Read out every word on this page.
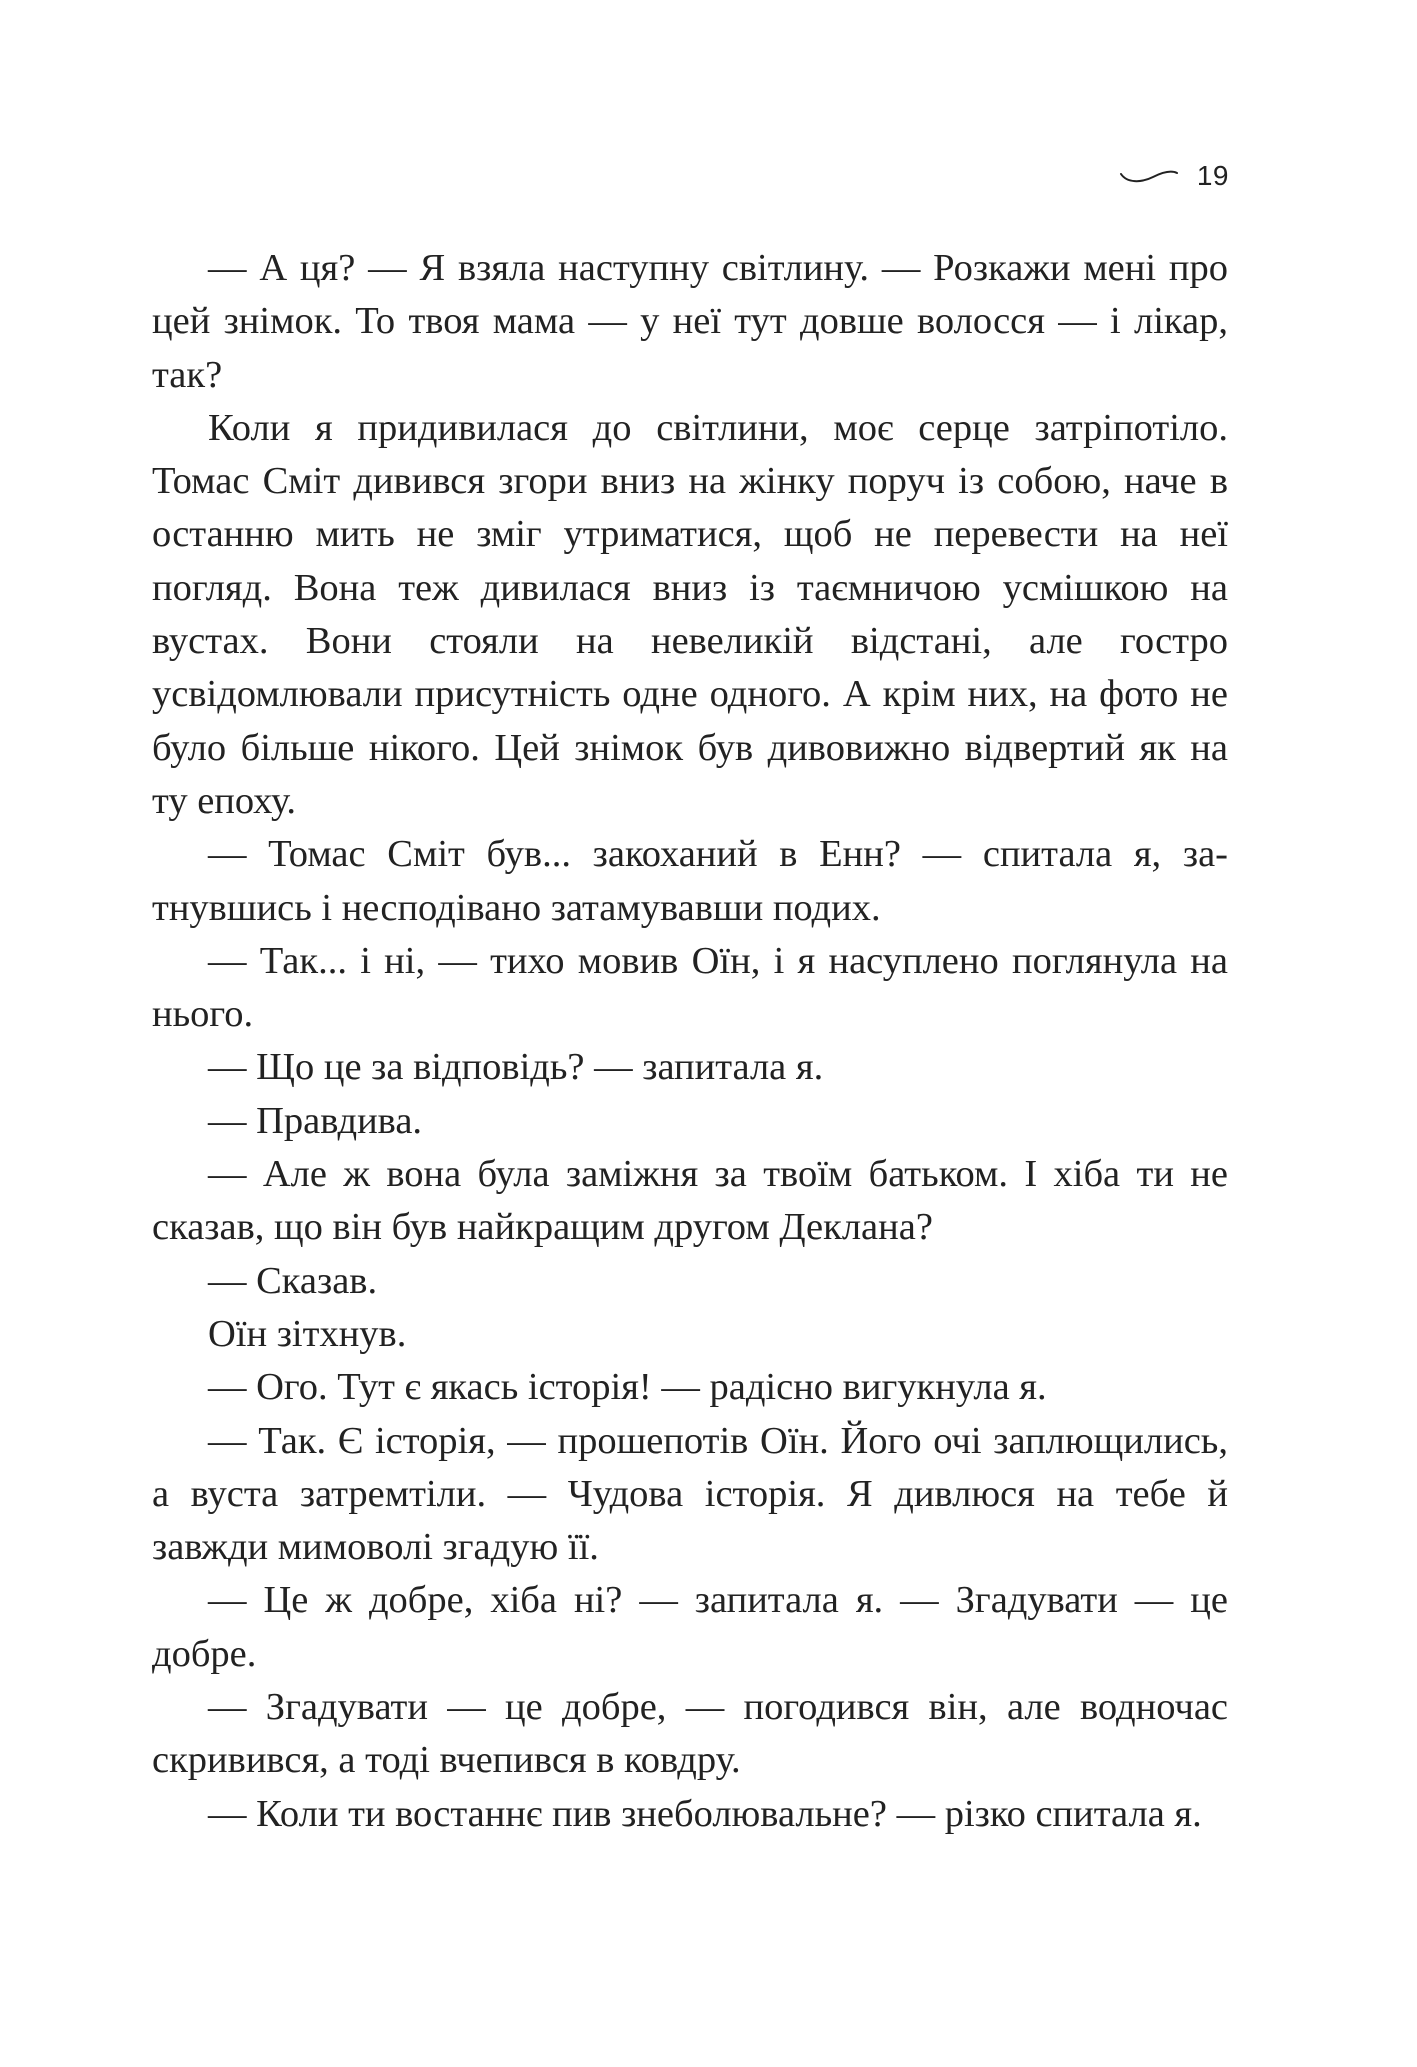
19

— А ця? — Я взяла наступну світлину. — Розкажи мені про цей знімок. То твоя мама — у неї тут довше волосся — і лікар, так?

Коли я придивилася до світлини, моє серце затріпотіло. Томас Сміт дивився згори вниз на жінку поруч із собою, наче в останню мить не зміг утриматися, щоб не перевести на неї погляд. Вона теж дивилася вниз із таємничою усмішкою на вустах. Вони стояли на невеликій відстані, але гостро усвідомлювали присутність одне одного. А крім них, на фото не було більше нікого. Цей знімок був дивовижно відвертий як на ту епоху.

— Томас Сміт був... закоханий в Енн? — спитала я, затнувшись і несподівано затамувавши подих.

— Так... і ні, — тихо мовив Оїн, і я насуплено поглянула на нього.

— Що це за відповідь? — запитала я.

— Правдива.

— Але ж вона була заміжня за твоїм батьком. І хіба ти не сказав, що він був найкращим другом Деклана?

— Сказав.

Оїн зітхнув.

— Ого. Тут є якась історія! — радісно вигукнула я.

— Так. Є історія, — прошепотів Оїн. Його очі заплющились, а вуста затремтіли. — Чудова історія. Я дивлюся на тебе й завжди мимоволі згадую її.

— Це ж добре, хіба ні? — запитала я. — Згадувати — це добре.

— Згадувати — це добре, — погодився він, але водночас скривився, а тоді вчепився в ковдру.

— Коли ти востаннє пив знеболювальне? — різко спитала я.
